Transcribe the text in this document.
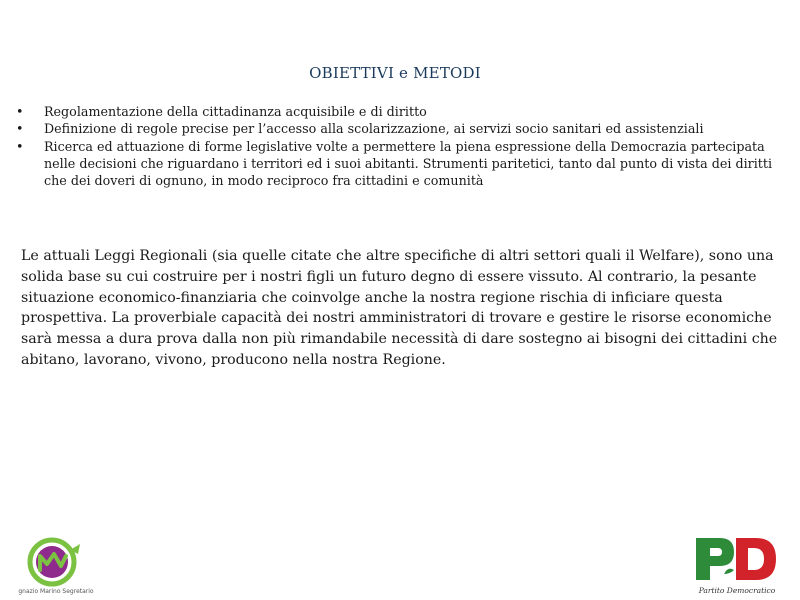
OBIETTIVI e METODI
• Regolamentazione della cittadinanza acquisibile e di diritto
• Definizione di regole precise per l’accesso alla scolarizzazione, ai servizi socio sanitari ed assistenziali
• Ricerca ed attuazione di forme legislative volte a permettere la piena espressione della Democrazia partecipata nelle decisioni che riguardano i territori ed i suoi abitanti. Strumenti paritetici, tanto dal punto di vista dei diritti che dei doveri di ognuno, in modo reciproco fra cittadini e comunità

Le attuali Leggi Regionali (sia quelle citate che altre specifiche di altri settori quali il Welfare), sono una solida base su cui costruire per i nostri figli un futuro degno di essere vissuto. Al contrario, la pesante situazione economico-finanziaria che coinvolge anche la nostra regione rischia di inficiare questa prospettiva. La proverbiale capacità dei nostri amministratori di trovare e gestire le risorse economiche sarà messa a dura prova dalla non più rimandabile necessità di dare sostegno ai bisogni dei cittadini che abitano, lavorano, vivono, producono nella nostra Regione.

gnazio Marino Segretario	Partito Democratico
